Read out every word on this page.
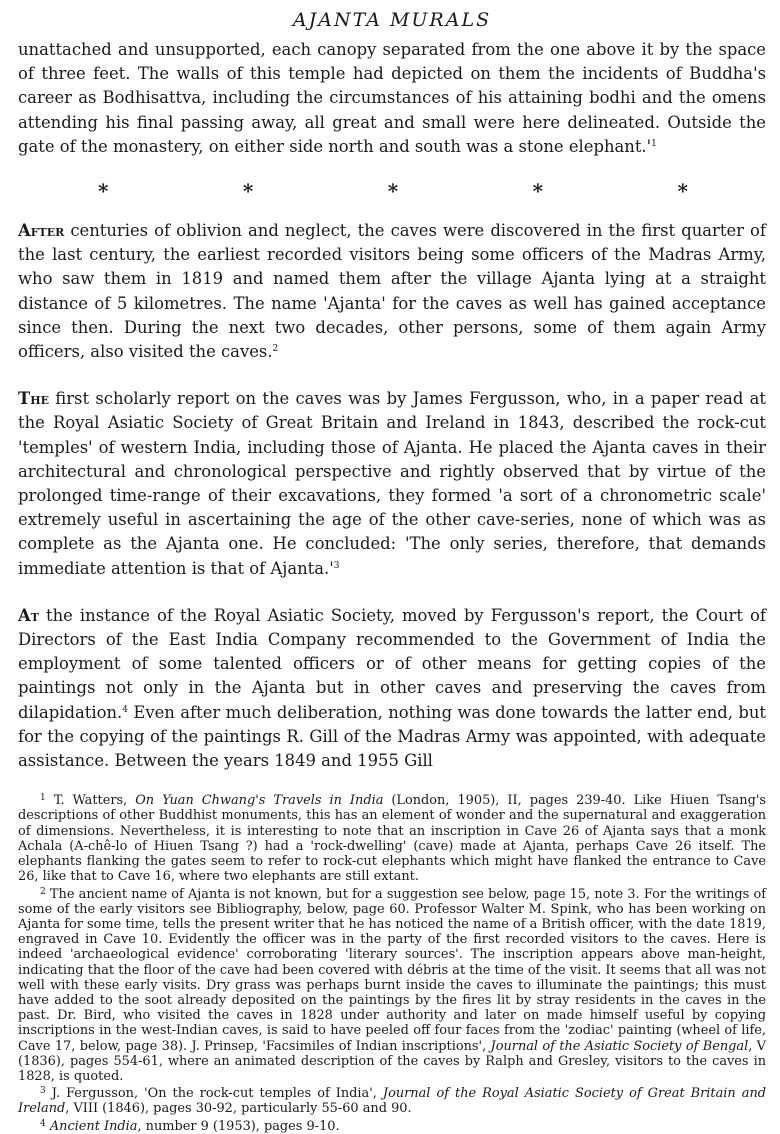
AJANTA MURALS

unattached and unsupported, each canopy separated from the one above it by the space of three feet. The walls of this temple had depicted on them the incidents of Buddha's career as Bodhisattva, including the circumstances of his attaining bodhi and the omens attending his final passing away, all great and small were here delineated. Outside the gate of the monastery, on either side north and south was a stone $elephant.'^1$

*	*	*	*	*

After centuries of oblivion and neglect, the caves were discovered in the first quarter of the last century, the earliest recorded visitors being some officers of the Madras Army, who saw them in 1819 and named them after the village Ajanta lying at a straight distance of 5 kilometres. The name 'Ajanta' for the caves as well has gained acceptance since then. During the next two decades, other persons, some of them again Army officers, also visited the caves.$^2$

The first scholarly report on the caves was by James Fergusson, who, in a paper read at the Royal Asiatic Society of Great Britain and Ireland in 1843, described the rock-cut 'temples' of western India, including those of Ajanta. He placed the Ajanta caves in their architectural and chronological perspective and rightly observed that by virtue of the prolonged time-range of their excavations, they formed 'a sort of a chronometric scale' extremely useful in ascertaining the age of the other cave-series, none of which was as complete as the Ajanta one. He concluded: 'The only series, therefore, that demands immediate attention is that of $Ajanta.'^3$

At the instance of the Royal Asiatic Society, moved by Fergusson's report, the Court of Directors of the East India Company recommended to the Government of India the employment of some talented officers or of other means for getting copies of the paintings not only in the Ajanta but in other caves and preserving the caves from dilapidation.$^4$ Even after much deliberation, nothing was done towards the latter end, but for the copying of the paintings R. Gill of the Madras Army was appointed, with adequate assistance. Between the years 1849 and 1955 Gill

$^1$ T. Watters, On Yuan Chwang's Travels in India (London, 1905), II, pages 239-40. Like Hiuen Tsang's descriptions of other Buddhist monuments, this has an element of wonder and the supernatural and exaggeration of dimensions. Nevertheless, it is interesting to note that an inscription in Cave 26 of Ajanta says that a monk Achala (A-chê-lo of Hiuen Tsang ?) had a 'rock-dwelling' (cave) made at Ajanta, perhaps Cave 26 itself. The elephants flanking the gates seem to refer to rock-cut elephants which might have flanked the entrance to Cave 26, like that to Cave 16, where two elephants are still extant.

$^2$ The ancient name of Ajanta is not known, but for a suggestion see below, page 15, note 3. For the writings of some of the early visitors see Bibliography, below, page 60. Professor Walter M. Spink, who has been working on Ajanta for some time, tells the present writer that he has noticed the name of a British officer, with the date 1819, engraved in Cave 10. Evidently the officer was in the party of the first recorded visitors to the caves. Here is indeed 'archaeological evidence' corroborating 'literary sources'. The inscription appears above man-height, indicating that the floor of the cave had been covered with débris at the time of the visit. It seems that all was not well with these early visits. Dry grass was perhaps burnt inside the caves to illuminate the paintings; this must have added to the soot already deposited on the paintings by the fires lit by stray residents in the caves in the past. Dr. Bird, who visited the caves in 1828 under authority and later on made himself useful by copying inscriptions in the west-Indian caves, is said to have peeled off four faces from the 'zodiac' painting (wheel of life, Cave 17, below, page 38). J. Prinsep, 'Facsimiles of Indian inscriptions', Journal of the Asiatic Society of Bengal, V (1836), pages 554-61, where an animated description of the caves by Ralph and Gresley, visitors to the caves in 1828, is quoted.

$^3$ J. Fergusson, 'On the rock-cut temples of India', Journal of the Royal Asiatic Society of Great Britain and Ireland, VIII (1846), pages 30-92, particularly 55-60 and 90.

$^4$ Ancient India, number 9 (1953), pages 9-10.
